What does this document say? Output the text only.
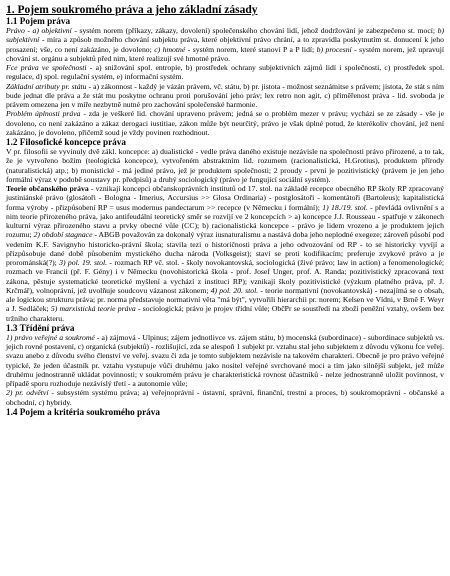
1. Pojem soukromého práva a jeho základní zásady
1.1 Pojem práva

Právo - a) objektivní - systém norem (příkazy, zákazy, dovolení) společenského chování lidí, jehož dodržování je zabezpečeno st. mocí; b) subjektivní - míra a způsob možného chování subjektu práva, které objektivní právo chrání, a to zpravidla poskytnutím st. donucení k jeho prosazení; vše, co není zakázáno, je dovoleno; c) hmotné - systém norem, které stanoví P a P lidí; b) procesní - systém norem, jež upravují chování st. orgánu a subjektů před nim, které realizují své hmotné právo.

Fce práva ve společnosti - a) snižování spol. entropie, b) prostředek ochrany subjektivních zájmů lidí i společnosti, c) prostředek spol. regulace, d) spol. regulační systém, e) informační systém.

Základní atributy pr. státu - a) zákonnost - každý je vázán právem, vč. státu, b) pr. jistota - možnost seznámitse s právem; jistota, že stát s ním bude jednat dle práva a že stát mu poskytne ochranu proti porušování jeho práv; lex retro non agit, c) přiměřenost práva - lid. svoboda je právem omezena jen v míře nezbytně nutné pro zachování společenské harmonie.

Problém úplnosti práva - zda je veškeré lid. chování upraveno právem; jedná se o problém mezer v právu; vycházi se ze zásady - vše je dovoleno, co není zakázáno a zákaz derogaci iustitiae, zákon může být neurčitý, právo je však úplné potud, že kterékoliv chování, jež není zakázáno, je dovoleno, přičemž soud je vždy povinen rozhodnout.

1.2 Filosofické koncepce práva

V pr. filosofii se vyvinuly dvě zákl. koncepce: a) dualistické - vedle práva daného existuje nezávisle na společnosti právo přirozené, a to tak, že je vytvořeno božím (teologická koncepce), vytvořeném abstraktním lid. rozumem (racionalistická, H.Grotius), produktem přírody (naturalistická) atp.; b) monistické - má jediné právo, jež je produktem společnosti; 2 proudy - první je pozitivistický (právem je jen jeho formální výraz v podobě soustavy pr. předpisů) a druhý sociologický (právo je fungující sociální systém).

Teorie občanského práva - vznikají koncepci občanskoprávních institutů od 17. stol. na základě recepce obecného RP školy RP zpracovaný justiniánské právo (glosátoři - Bologna - Imerius, Accursius >> Glosa Ordinaria) - postglosátoři - komentátoři (Bartoleus); kapitalistická forma výroby - přizpůsobení RP = usus modernus pandectarum >> recepce (v Německu i formální); 1) 18./19. stol. - převládá ovlivnění s a nim teorie přirozeného práva, jako antifeudální teoretický směr se rozvíjí ve 2 koncepcích > a) koncepce J.J. Rousseau - spatřuje v zákonech kulturní výraz přirozeného stavu a prvky obecné vůle (CC); b) racionalistická koncepce - právo je lidem vrozeno a je produktem jejich rozumu; 2) období stagnace - ABGB považován za dokonalý výraz iusnaturalismu a nastává doba jeho neplodné exegeze; zároveň působí pod vedením K.F. Savignyho historicko-právní škola; stavila tezi o historičnosti práva a jeho odvozování od RP - to se historicky vyvíjí a přizpůsobuje dané době působením mystického ducha národa (Volksgeist); staví se proti kodifikacím; preferuje zvykové právo a je prorománská(?); 3) pol. 19. stol. - rozmach RP vč. stol. - školy novokantovská, sociologická (živé právo; law in action) a fenomenologické; rozmach ve Francii (př. F. Gény) i v Německu (novohistorická škola - prof. Josef Unger, prof. A. Randa; pozitivistický zpracovaná text zákona, pěstuje systematické teoretické myšlení a vychází z instituci RP); vznikají školy pozitivistické (výzkum platného práva, př. J. Krčmář), volnoprávní, jež uvolňuje soudcovu vázanost zákonem; 4) pol. 20. stol. - teorie normativní (novokantovská) - nezajímá se o obsah, ale logickou strukturu práva; pr. norma představuje normativní věta "má být", vytvořili hierarchii pr. norem; Kelsen ve Vídni, v Brně F. Weyr a J. Sedláček; 5) marxistická teorie práva - sociologická; právo je projev třídní vůle; ObčPr se soustředí na zboží peněžní vztahy, ovšem bez tržního charakteru.

1.3 Třídění práva

1) právo veřejné a soukromé - a) zájmová - Ulpinus; zájem jednotlivce vs. zájem státu, b) mocenská (subordinace) - subordinace subjektů vs. jejich rovné postavení, c) organická (subjektů) - rozlišující, zda se alespoň 1 subjekt pr. vztahu stal jeho subjektem z důvodu výkonu fce veřej. svazu anebo z důvodu svého členství ve veřej. svazu či zda je tomto subjektem nezávisle na takovém charakteri. Obecně je pro právo veřejné typické, že jeden účastník pr. vztahu vystupuje vůči druhému jako nositel veřejné svrchované moci a tím jako silnější subjekt, jež může druhému jednostranně ukládat povinnosti; v soukromém právu je charakteristická rovnost účastníků - nelze jednostranně uložit povinnost, v případě sporu rozhoduje nezávislý třetí - a autonomie vůle;

2) pr. odvětví - subsystém systému práva; a) veřejnoprávní - ústavní, správní, finanční, trestní a proces, b) soukromoprávní - občanské a obchodní, c) hybridy.

1.4 Pojem a kritéria soukromého práva
